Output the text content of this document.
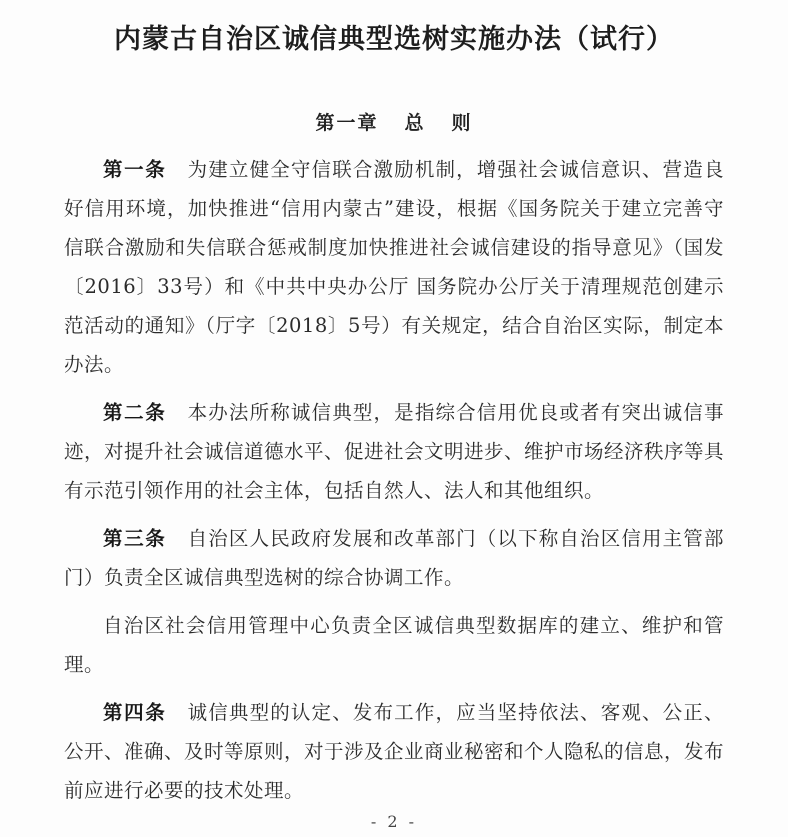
内蒙古自治区诚信典型选树实施办法（试行）
第一章 总 则

第一条 为建立健全守信联合激励机制，增强社会诚信意识、营造良好信用环境，加快推进“信用内蒙古”建设，根据《国务院关于建立完善守信联合激励和失信联合惩戒制度加快推进社会诚信建设的指导意见》（国发〔2016〕33号）和《中共中央办公厅 国务院办公厅关于清理规范创建示范活动的通知》（厅字〔2018〕5号）有关规定，结合自治区实际，制定本办法。

第二条 本办法所称诚信典型，是指综合信用优良或者有突出诚信事迹，对提升社会诚信道德水平、促进社会文明进步、维护市场经济秩序等具有示范引领作用的社会主体，包括自然人、法人和其他组织。

第三条 自治区人民政府发展和改革部门（以下称自治区信用主管部门）负责全区诚信典型选树的综合协调工作。

自治区社会信用管理中心负责全区诚信典型数据库的建立、维护和管理。

第四条 诚信典型的认定、发布工作，应当坚持依法、客观、公正、公开、准确、及时等原则，对于涉及企业商业秘密和个人隐私的信息，发布前应进行必要的技术处理。

- 2 -
